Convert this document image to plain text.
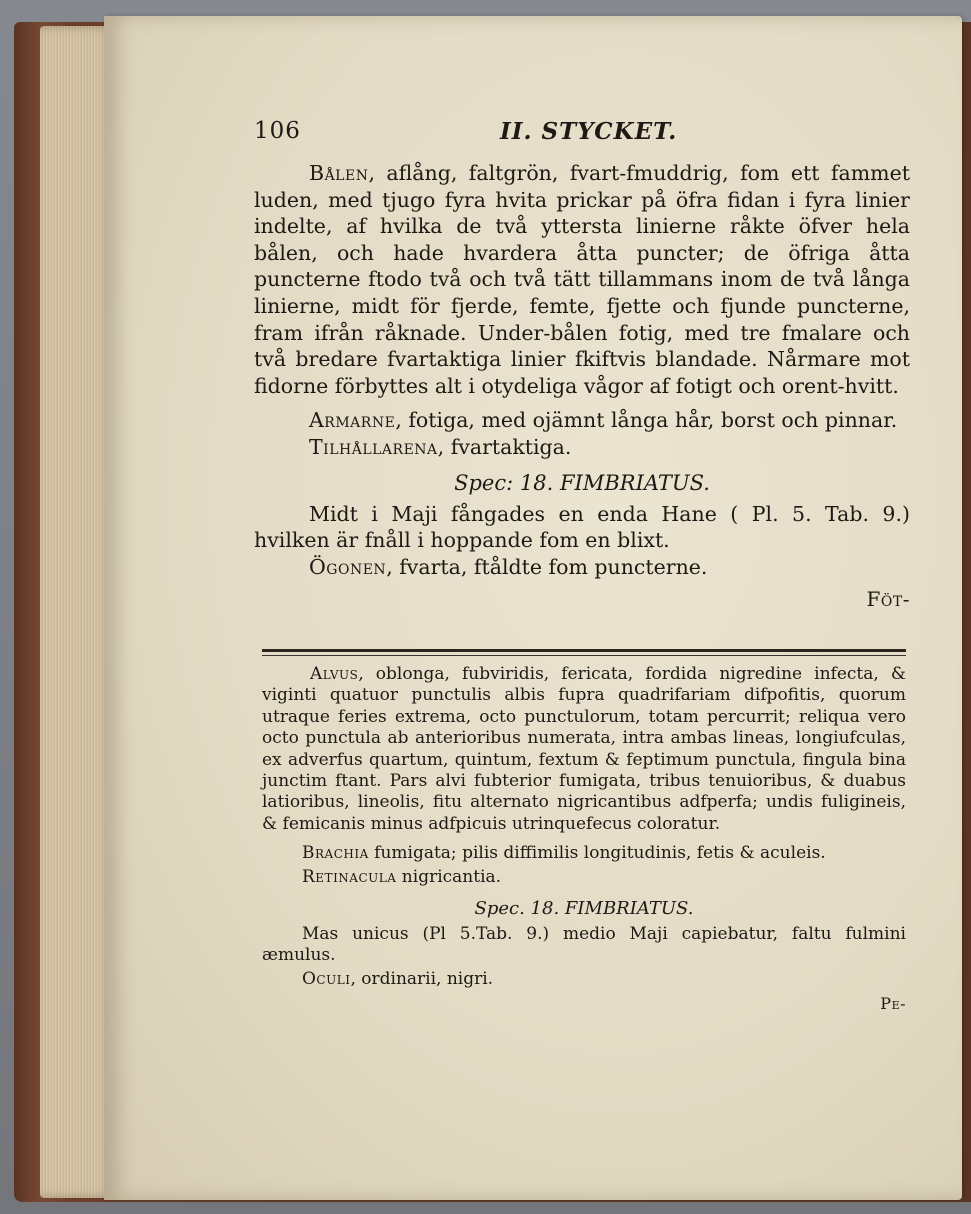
106	II. STYCKET.

Bålen, aflång, faltgrön, fvart-fmuddrig, fom ett fammet luden, med tjugo fyra hvita prickar på öfra fidan i fyra linier indelte, af hvilka de två yttersta linierne råkte öfver hela bålen, och hade hvardera åtta puncter; de öfriga åtta puncterne ftodo två och två tätt tillammans inom de två långa linierne, midt för fjerde, femte, fjette och fjunde puncterne, fram ifrån råknade. Under-bålen fotig, med tre fmalare och två bredare fvartaktiga linier fkiftvis blandade. Nårmare mot fidorne förbyttes alt i otydeliga vågor af fotigt och orent-hvitt.

Armarne, fotiga, med ojämnt långa hår, borst och pinnar.

Tilhållarena, fvartaktiga.

Spec: 18. FIMBRIATUS.

Midt i Maji fångades en enda Hane ( Pl. 5. Tab. 9.) hvilken är fnåll i hoppande fom en blixt.

Ögonen, fvarta, ftåldte fom puncterne.

Föt-

Alvus, oblonga, fubviridis, fericata, fordida nigredine infecta, & viginti quatuor punctulis albis fupra quadrifariam difpofitis, quorum utraque feries extrema, octo punctulorum, totam percurrit; reliqua vero octo punctula ab anterioribus numerata, intra ambas lineas, longiufculas, ex adverfus quartum, quintum, fextum & feptimum punctula, fingula bina junctim ftant. Pars alvi fubterior fumigata, tribus tenuioribus, & duabus latioribus, lineolis, fitu alternato nigricantibus adfperfa; undis fuligineis, & femicanis minus adfpicuis utrinquefecus coloratur.

Brachia fumigata; pilis diffimilis longitudinis, fetis & aculeis.

Retinacula nigricantia.

Spec. 18. FIMBRIATUS.

Mas unicus (Pl 5.Tab. 9.) medio Maji capiebatur, faltu fulmini æmulus.

Oculi, ordinarii, nigri.

Pe-
